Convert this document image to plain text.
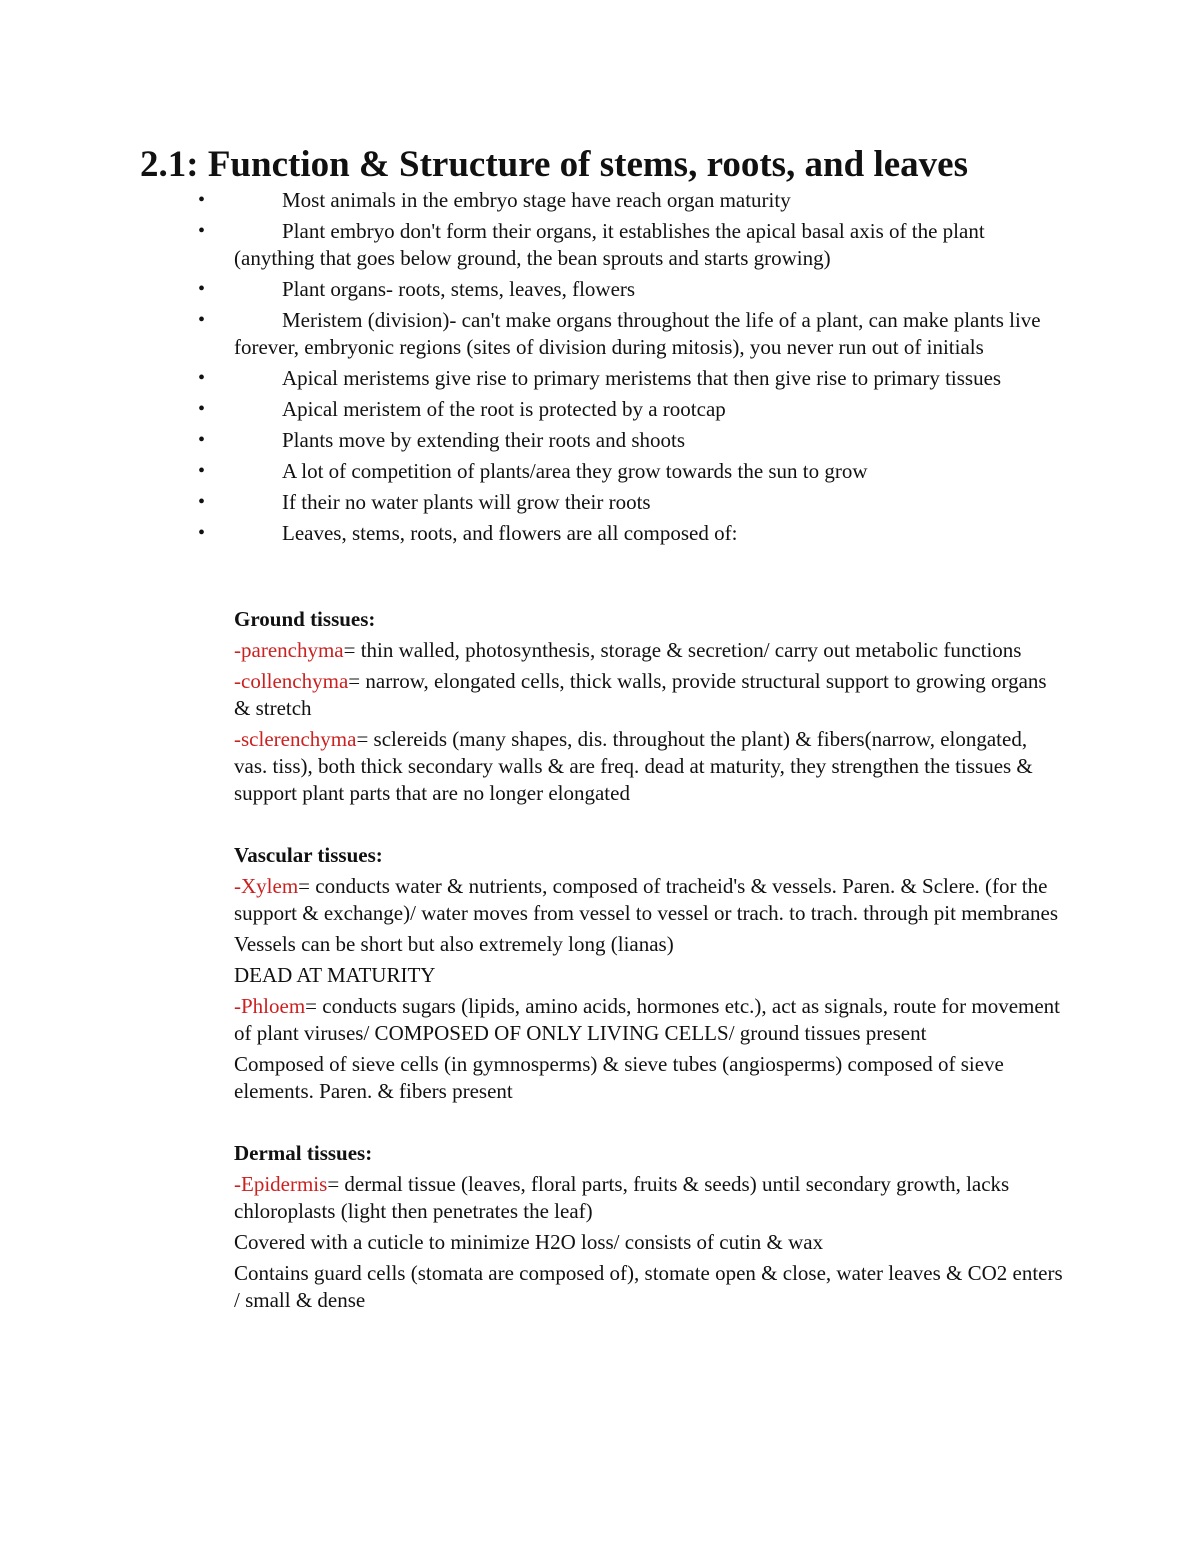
2.1: Function & Structure of stems, roots, and leaves
•	Most animals in the embryo stage have reach organ maturity
•	Plant embryo don't form their organs, it establishes the apical basal axis of the plant (anything that goes below ground, the bean sprouts and starts growing)
•	Plant organs- roots, stems, leaves, flowers
•	Meristem (division)- can't make organs throughout the life of a plant, can make plants live forever, embryonic regions (sites of division during mitosis), you never run out of initials
•	Apical meristems give rise to primary meristems that then give rise to primary tissues
•	Apical meristem of the root is protected by a rootcap
•	Plants move by extending their roots and shoots
•	A lot of competition of plants/area they grow towards the sun to grow
•	If their no water plants will grow their roots
•	Leaves, stems, roots, and flowers are all composed of:
Ground tissues:

-parenchyma= thin walled, photosynthesis, storage & secretion/ carry out metabolic functions

-collenchyma= narrow, elongated cells, thick walls, provide structural support to growing organs & stretch

-sclerenchyma= sclereids (many shapes, dis. throughout the plant) & fibers(narrow, elongated, vas. tiss), both thick secondary walls & are freq. dead at maturity, they strengthen the tissues & support plant parts that are no longer elongated

Vascular tissues:

-Xylem= conducts water & nutrients, composed of tracheid's & vessels. Paren. & Sclere. (for the support & exchange)/ water moves from vessel to vessel or trach. to trach. through pit membranes

Vessels can be short but also extremely long (lianas)

DEAD AT MATURITY

-Phloem= conducts sugars (lipids, amino acids, hormones etc.), act as signals, route for movement of plant viruses/ COMPOSED OF ONLY LIVING CELLS/ ground tissues present

Composed of sieve cells (in gymnosperms) & sieve tubes (angiosperms) composed of sieve elements. Paren. & fibers present

Dermal tissues:

-Epidermis= dermal tissue (leaves, floral parts, fruits & seeds) until secondary growth, lacks chloroplasts (light then penetrates the leaf)

Covered with a cuticle to minimize H2O loss/ consists of cutin & wax

Contains guard cells (stomata are composed of), stomate open & close, water leaves & CO2 enters / small & dense
